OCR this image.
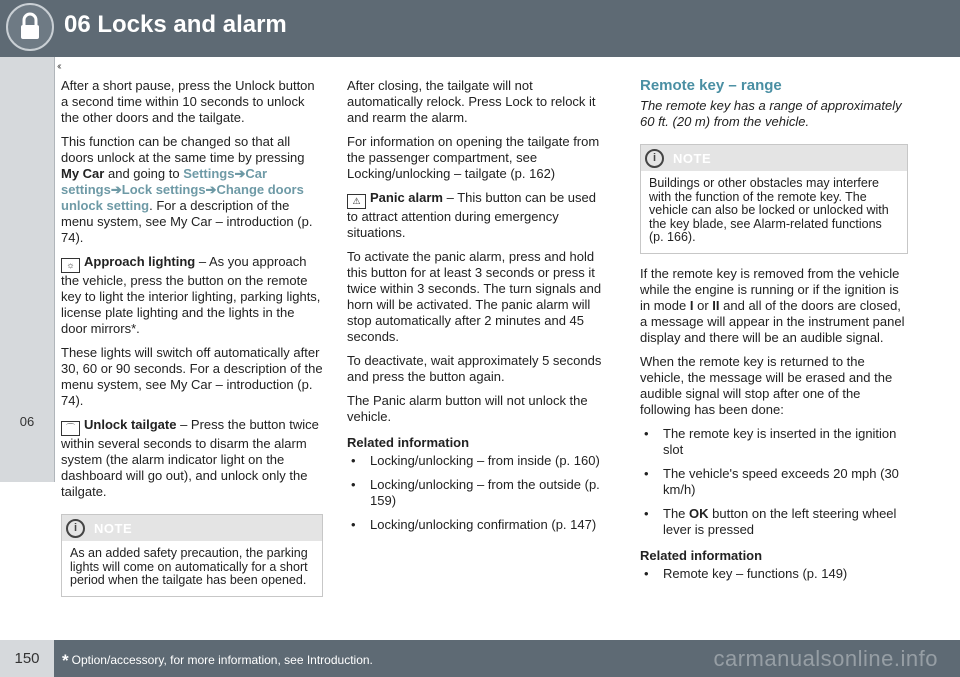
06 Locks and alarm
06
‹‹

After a short pause, press the Unlock button a second time within 10 seconds to unlock the other doors and the tailgate.

This function can be changed so that all doors unlock at the same time by pressing My Car and going to Settings➔Car settings➔Lock settings➔Change doors unlock setting. For a description of the menu system, see My Car – introduction (p. 74).

☼ Approach lighting – As you approach the vehicle, press the button on the remote key to light the interior lighting, parking lights, license plate lighting and the lights in the door mirrors*.

These lights will switch off automatically after 30, 60 or 90 seconds. For a description of the menu system, see My Car – introduction (p. 74).

⌒ Unlock tailgate – Press the button twice within several seconds to disarm the alarm system (the alarm indicator light on the dashboard will go out), and unlock only the tailgate.

i	NOTE
As an added safety precaution, the parking lights will come on automatically for a short period when the tailgate has been opened.

After closing, the tailgate will not automatically relock. Press Lock to relock it and rearm the alarm.

For information on opening the tailgate from the passenger compartment, see Locking/unlocking – tailgate (p. 162)

⚠ Panic alarm – This button can be used to attract attention during emergency situations.

To activate the panic alarm, press and hold this button for at least 3 seconds or press it twice within 3 seconds. The turn signals and horn will be activated. The panic alarm will stop automatically after 2 minutes and 45 seconds.

To deactivate, wait approximately 5 seconds and press the button again.

The Panic alarm button will not unlock the vehicle.

Related information
• Locking/unlocking – from inside (p. 160)
• Locking/unlocking – from the outside (p. 159)
• Locking/unlocking confirmation (p. 147)
Remote key – range

The remote key has a range of approximately 60 ft. (20 m) from the vehicle.

i	NOTE
Buildings or other obstacles may interfere with the function of the remote key. The vehicle can also be locked or unlocked with the key blade, see Alarm-related functions (p. 166).

If the remote key is removed from the vehicle while the engine is running or if the ignition is in mode I or II and all of the doors are closed, a message will appear in the instrument panel display and there will be an audible signal.

When the remote key is returned to the vehicle, the message will be erased and the audible signal will stop after one of the following has been done:

• The remote key is inserted in the ignition slot
• The vehicle's speed exceeds 20 mph (30 km/h)
• The OK button on the left steering wheel lever is pressed
Related information
• Remote key – functions (p. 149)
150	* Option/accessory, for more information, see Introduction.	carmanualsonline.info
